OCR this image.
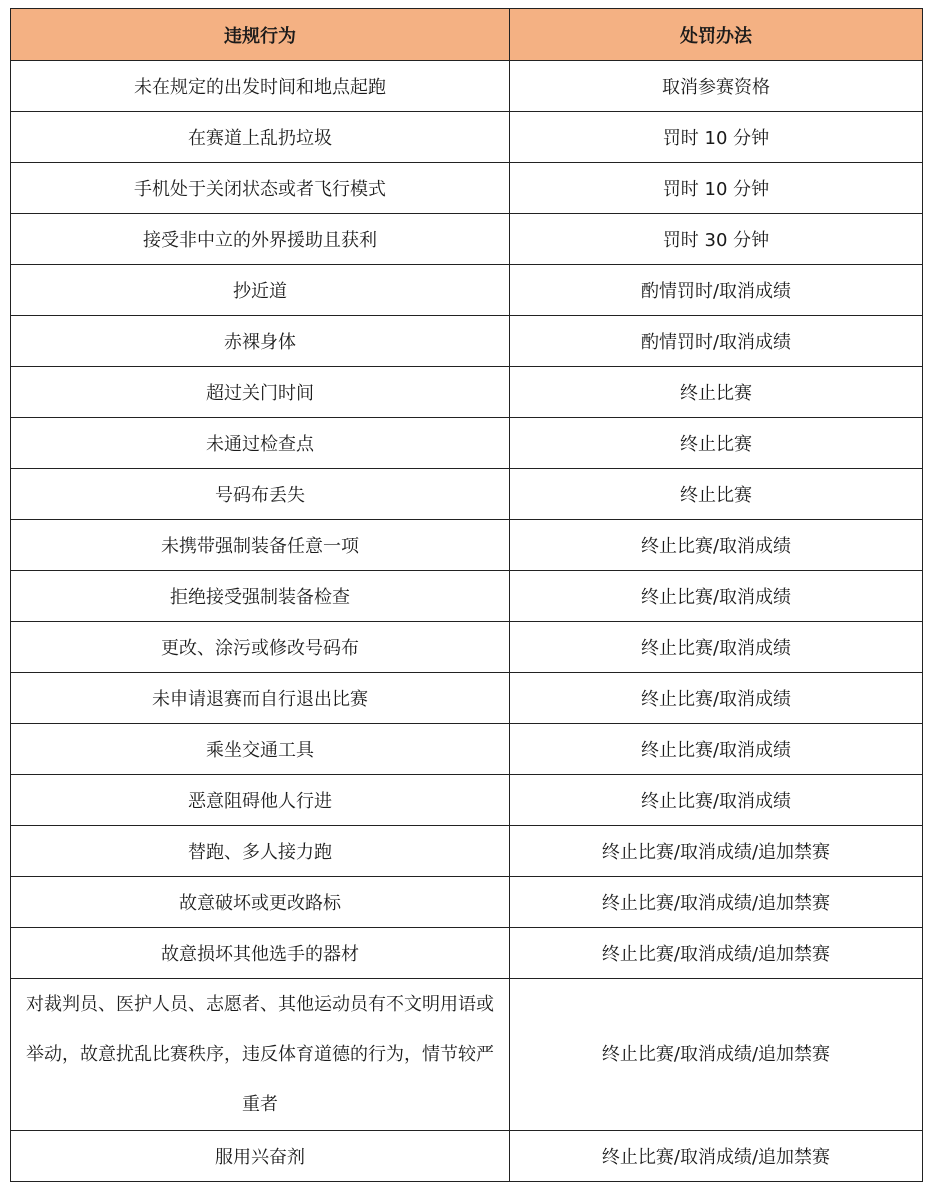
违规行为	处罚办法
未在规定的出发时间和地点起跑	取消参赛资格
在赛道上乱扔垃圾	罚时 10 分钟
手机处于关闭状态或者飞行模式	罚时 10 分钟
接受非中立的外界援助且获利	罚时 30 分钟
抄近道	酌情罚时/取消成绩
赤裸身体	酌情罚时/取消成绩
超过关门时间	终止比赛
未通过检查点	终止比赛
号码布丢失	终止比赛
未携带强制装备任意一项	终止比赛/取消成绩
拒绝接受强制装备检查	终止比赛/取消成绩
更改、涂污或修改号码布	终止比赛/取消成绩
未申请退赛而自行退出比赛	终止比赛/取消成绩
乘坐交通工具	终止比赛/取消成绩
恶意阻碍他人行进	终止比赛/取消成绩
替跑、多人接力跑	终止比赛/取消成绩/追加禁赛
故意破坏或更改路标	终止比赛/取消成绩/追加禁赛
故意损坏其他选手的器材	终止比赛/取消成绩/追加禁赛
对裁判员、医护人员、志愿者、其他运动员有不文明用语或举动，故意扰乱比赛秩序，违反体育道德的行为，情节较严重者	终止比赛/取消成绩/追加禁赛
服用兴奋剂	终止比赛/取消成绩/追加禁赛
